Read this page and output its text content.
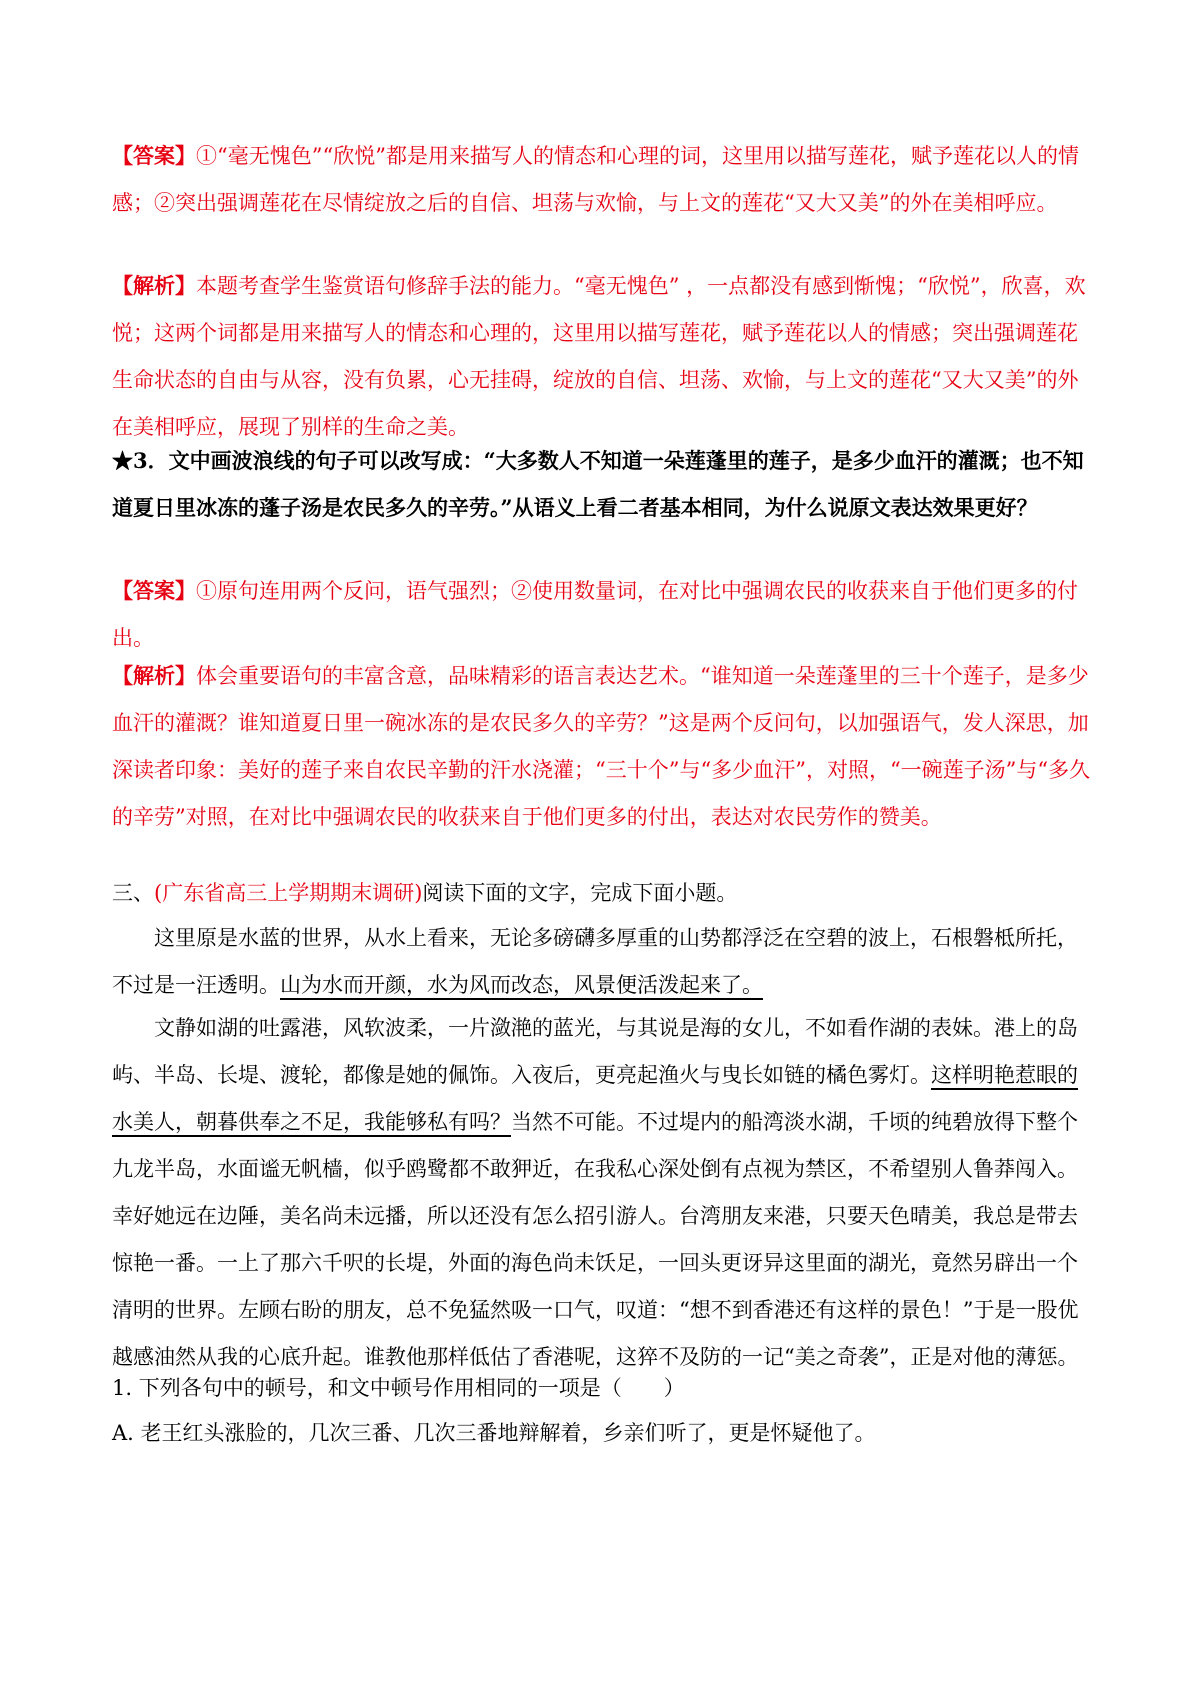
【答案】①“毫无愧色”“欣悦”都是用来描写人的情态和心理的词，这里用以描写莲花，赋予莲花以人的情感；②突出强调莲花在尽情绽放之后的自信、坦荡与欢愉，与上文的莲花“又大又美”的外在美相呼应。

【解析】本题考查学生鉴赏语句修辞手法的能力。“毫无愧色” ，一点都没有感到惭愧；“欣悦”，欣喜，欢悦；这两个词都是用来描写人的情态和心理的，这里用以描写莲花，赋予莲花以人的情感；突出强调莲花生命状态的自由与从容，没有负累，心无挂碍，绽放的自信、坦荡、欢愉，与上文的莲花“又大又美”的外在美相呼应，展现了别样的生命之美。

★3．文中画波浪线的句子可以改写成：“大多数人不知道一朵莲蓬里的莲子，是多少血汗的灌溉；也不知道夏日里冰冻的蓬子汤是农民多久的辛劳。”从语义上看二者基本相同，为什么说原文表达效果更好？

【答案】①原句连用两个反问，语气强烈；②使用数量词，在对比中强调农民的收获来自于他们更多的付出。

【解析】体会重要语句的丰富含意，品味精彩的语言表达艺术。“谁知道一朵莲蓬里的三十个莲子，是多少血汗的灌溉？谁知道夏日里一碗冰冻的是农民多久的辛劳？”这是两个反问句，以加强语气，发人深思，加深读者印象：美好的莲子来自农民辛勤的汗水浇灌；“三十个”与“多少血汗”，对照，“一碗莲子汤”与“多久的辛劳”对照，在对比中强调农民的收获来自于他们更多的付出，表达对农民劳作的赞美。

三、(广东省高三上学期期末调研)阅读下面的文字，完成下面小题。

这里原是水蓝的世界，从水上看来，无论多磅礴多厚重的山势都浮泛在空碧的波上，石根磐柢所托，不过是一汪透明。山为水而开颜，水为风而改态，风景便活泼起来了。

文静如湖的吐露港，风软波柔，一片潋滟的蓝光，与其说是海的女儿，不如看作湖的表妹。港上的岛屿、半岛、长堤、渡轮，都像是她的佩饰。入夜后，更亮起渔火与曳长如链的橘色雾灯。这样明艳惹眼的水美人，朝暮供奉之不足，我能够私有吗？当然不可能。不过堤内的船湾淡水湖，千顷的纯碧放得下整个九龙半岛，水面谧无帆樯，似乎鸥鹭都不敢狎近，在我私心深处倒有点视为禁区，不希望别人鲁莽闯入。幸好她远在边陲，美名尚未远播，所以还没有怎么招引游人。台湾朋友来港，只要天色晴美，我总是带去惊艳一番。一上了那六千呎的长堤，外面的海色尚未饫足，一回头更讶异这里面的湖光，竟然另辟出一个清明的世界。左顾右盼的朋友，总不免猛然吸一口气，叹道：“想不到香港还有这样的景色！”于是一股优越感油然从我的心底升起。谁教他那样低估了香港呢，这猝不及防的一记“美之奇袭”，正是对他的薄惩。

1. 下列各句中的顿号，和文中顿号作用相同的一项是（　　）

A. 老王红头涨脸的，几次三番、几次三番地辩解着，乡亲们听了，更是怀疑他了。
